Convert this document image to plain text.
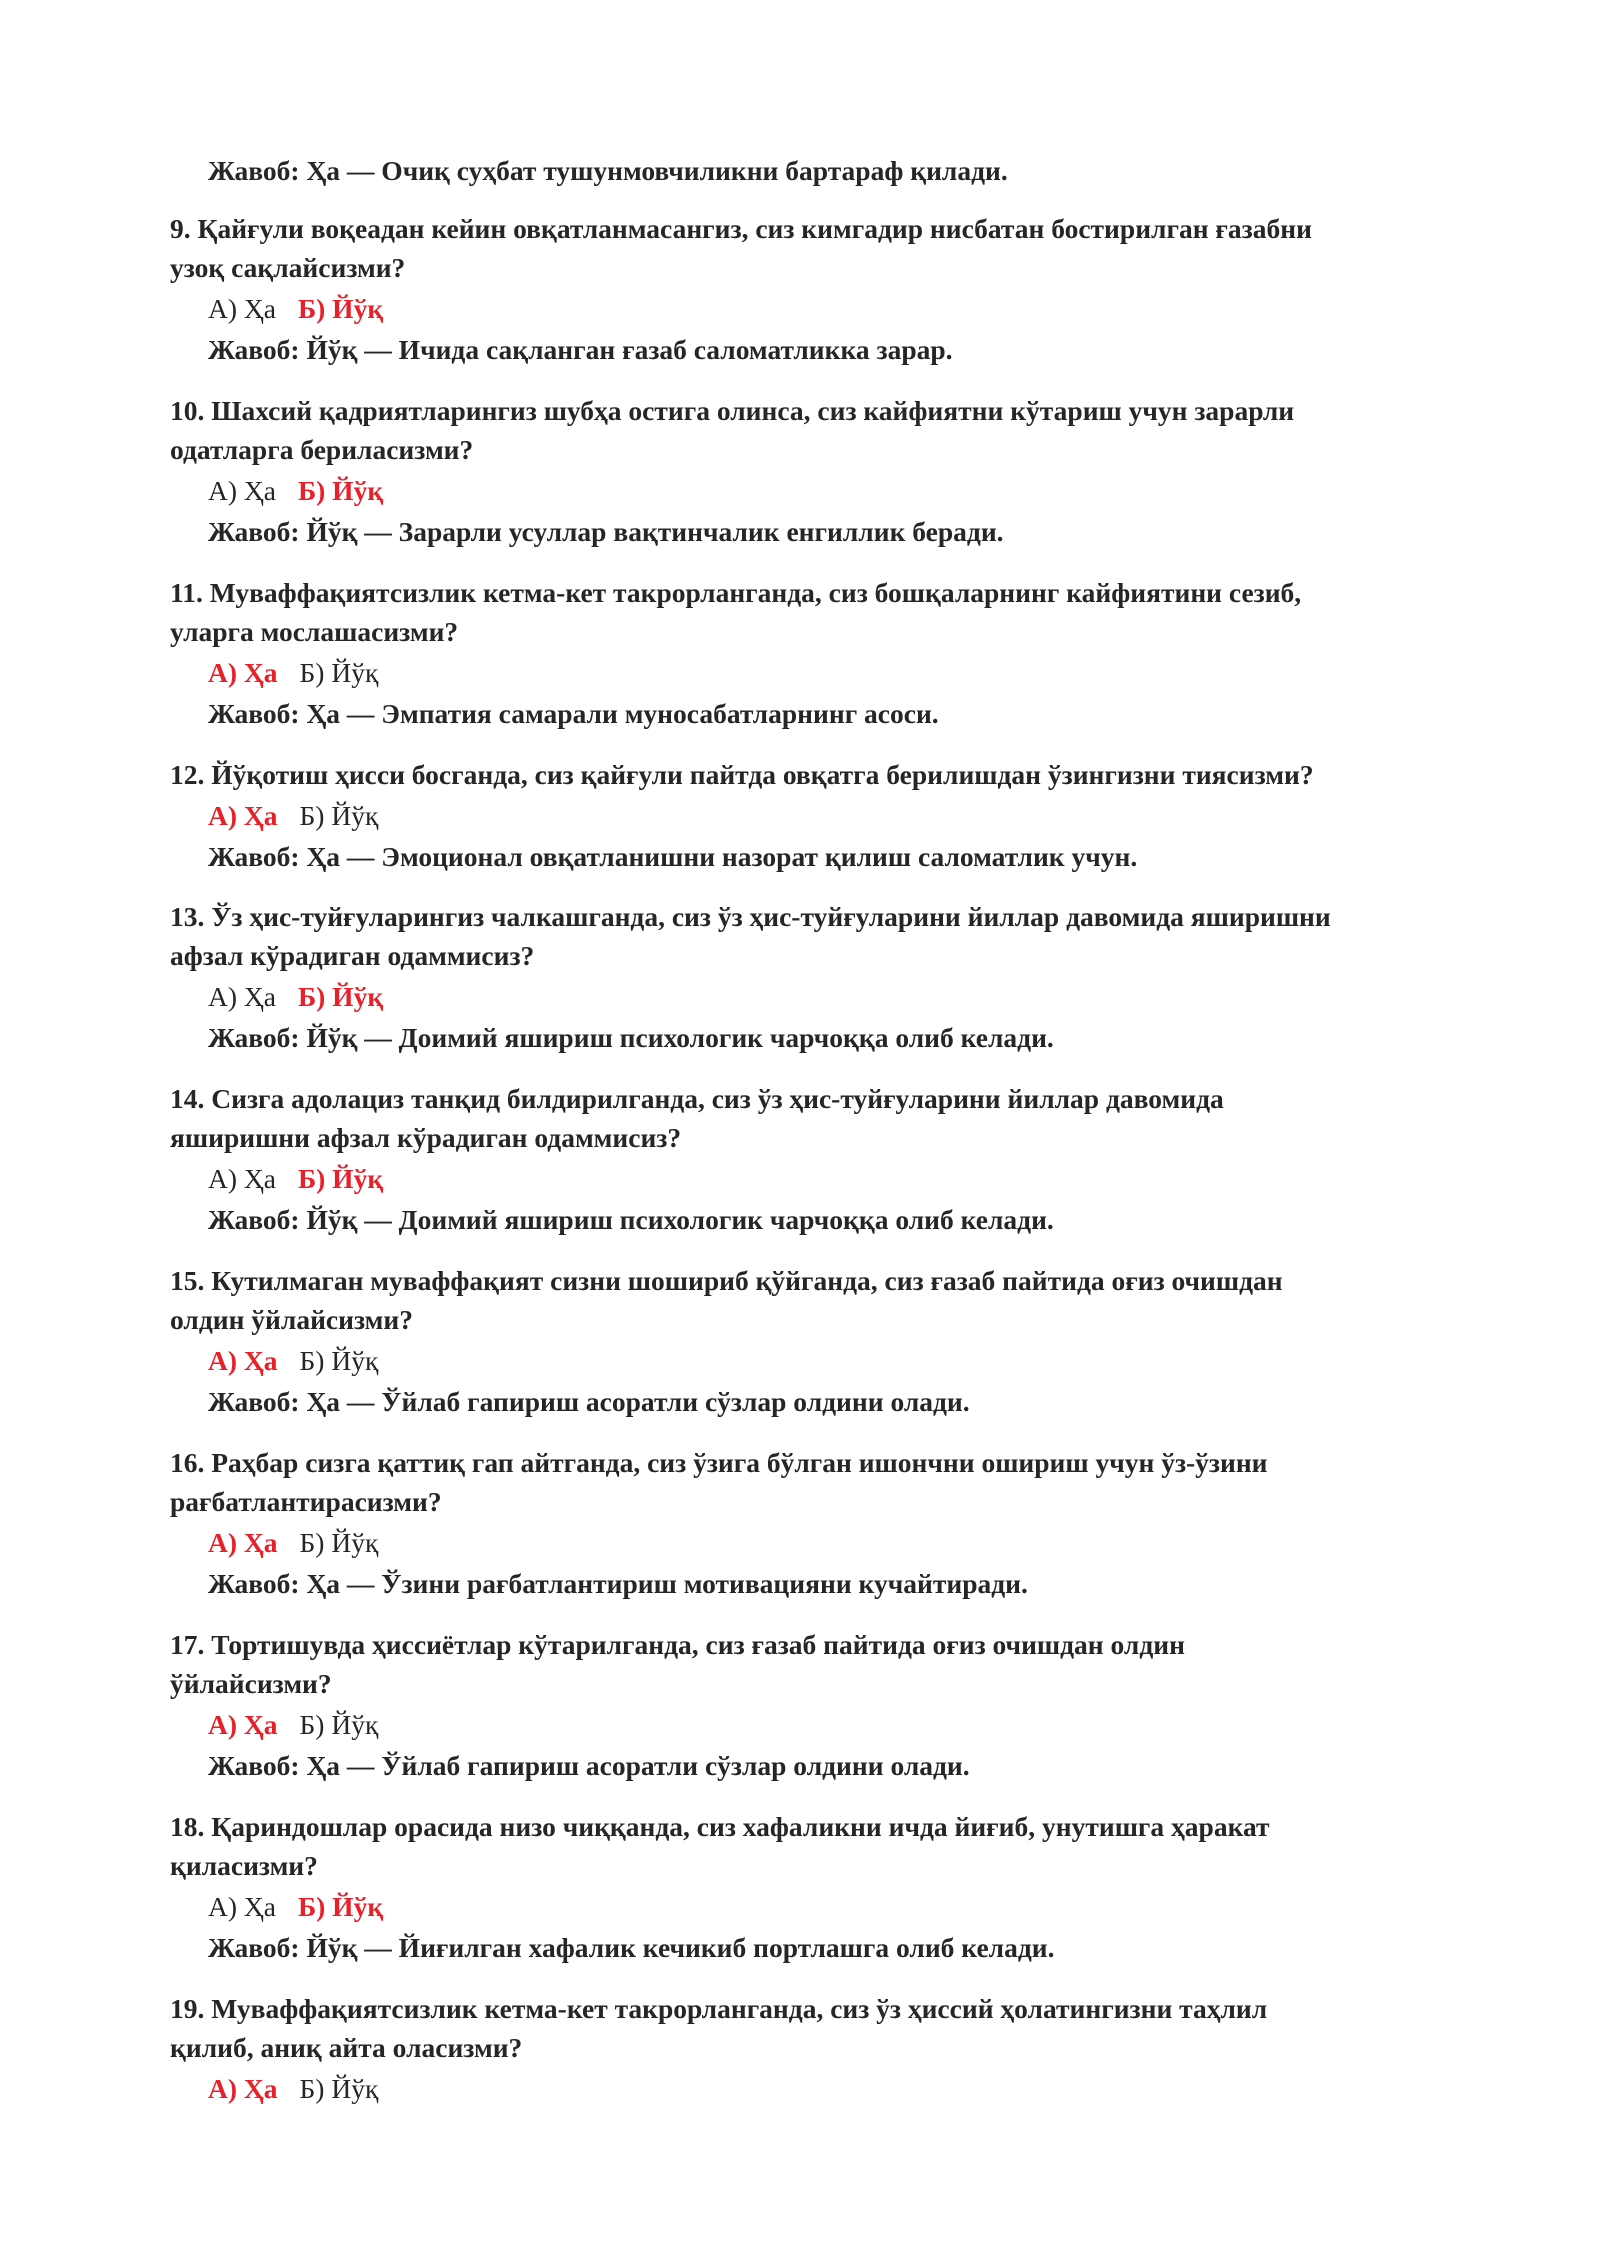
Жавоб: Ҳа — Очиқ суҳбат тушунмовчиликни бартараф қилади.
9. Қайғули воқеадан кейин овқатланмасангиз, сиз кимгадир нисбатан бостирилган ғазабни
узоқ сақлайсизми?
А) Ҳа Б) Йўқ
Жавоб: Йўқ — Ичида сақланган ғазаб саломатликка зарар.
10. Шахсий қадриятларингиз шубҳа остига олинса, сиз кайфиятни кўтариш учун зарарли
одатларга бериласизми?
А) Ҳа Б) Йўқ
Жавоб: Йўқ — Зарарли усуллар вақтинчалик енгиллик беради.
11. Муваффақиятсизлик кетма-кет такрорланганда, сиз бошқаларнинг кайфиятини сезиб,
уларга мослашасизми?
А) Ҳа Б) Йўқ
Жавоб: Ҳа — Эмпатия самарали муносабатларнинг асоси.
12. Йўқотиш ҳисси босганда, сиз қайғули пайтда овқатга берилишдан ўзингизни тиясизми?
А) Ҳа Б) Йўқ
Жавоб: Ҳа — Эмоционал овқатланишни назорат қилиш саломатлик учун.
13. Ўз ҳис-туйғуларингиз чалкашганда, сиз ўз ҳис-туйғуларини йиллар давомида яширишни
афзал кўрадиган одаммисиз?
А) Ҳа Б) Йўқ
Жавоб: Йўқ — Доимий яшириш психологик чарчоққа олиб келади.
14. Сизга адолациз танқид билдирилганда, сиз ўз ҳис-туйғуларини йиллар давомида
яширишни афзал кўрадиган одаммисиз?
А) Ҳа Б) Йўқ
Жавоб: Йўқ — Доимий яшириш психологик чарчоққа олиб келади.
15. Кутилмаган муваффақият сизни шошириб қўйганда, сиз ғазаб пайтида оғиз очишдан
олдин ўйлайсизми?
А) Ҳа Б) Йўқ
Жавоб: Ҳа — Ўйлаб гапириш асоратли сўзлар олдини олади.
16. Раҳбар сизга қаттиқ гап айтганда, сиз ўзига бўлган ишончни ошириш учун ўз-ўзини
рағбатлантирасизми?
А) Ҳа Б) Йўқ
Жавоб: Ҳа — Ўзини рағбатлантириш мотивацияни кучайтиради.
17. Тортишувда ҳиссиётлар кўтарилганда, сиз ғазаб пайтида оғиз очишдан олдин
ўйлайсизми?
А) Ҳа Б) Йўқ
Жавоб: Ҳа — Ўйлаб гапириш асоратли сўзлар олдини олади.
18. Қариндошлар орасида низо чиққанда, сиз хафаликни ичда йиғиб, унутишга ҳаракат
қиласизми?
А) Ҳа Б) Йўқ
Жавоб: Йўқ — Йиғилган хафалик кечикиб портлашга олиб келади.
19. Муваффақиятсизлик кетма-кет такрорланганда, сиз ўз ҳиссий ҳолатингизни таҳлил
қилиб, аниқ айта оласизми?
А) Ҳа Б) Йўқ
